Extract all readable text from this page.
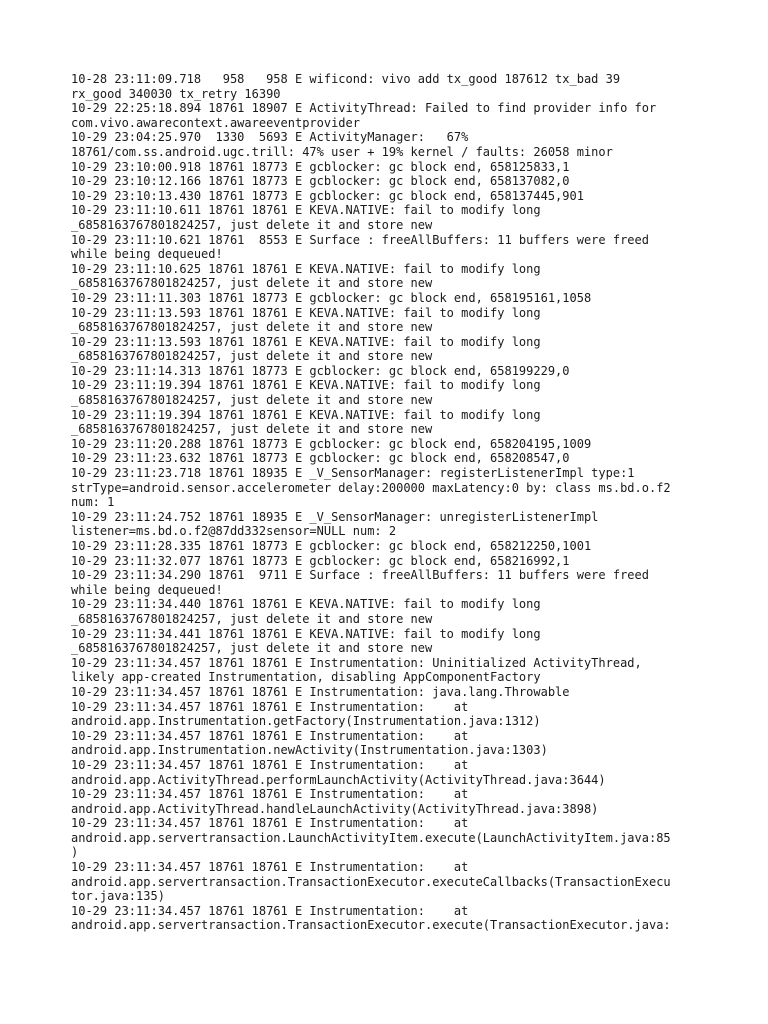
10-28 23:11:09.718   958   958 E wificond: vivo add tx_good 187612 tx_bad 39
rx_good 340030 tx_retry 16390
10-29 22:25:18.894 18761 18907 E ActivityThread: Failed to find provider info for
com.vivo.awarecontext.awareeventprovider
10-29 23:04:25.970  1330  5693 E ActivityManager:   67%
18761/com.ss.android.ugc.trill: 47% user + 19% kernel / faults: 26058 minor
10-29 23:10:00.918 18761 18773 E gcblocker: gc block end, 658125833,1
10-29 23:10:12.166 18761 18773 E gcblocker: gc block end, 658137082,0
10-29 23:10:13.430 18761 18773 E gcblocker: gc block end, 658137445,901
10-29 23:11:10.611 18761 18761 E KEVA.NATIVE: fail to modify long
_6858163767801824257, just delete it and store new
10-29 23:11:10.621 18761  8553 E Surface : freeAllBuffers: 11 buffers were freed
while being dequeued!
10-29 23:11:10.625 18761 18761 E KEVA.NATIVE: fail to modify long
_6858163767801824257, just delete it and store new
10-29 23:11:11.303 18761 18773 E gcblocker: gc block end, 658195161,1058
10-29 23:11:13.593 18761 18761 E KEVA.NATIVE: fail to modify long
_6858163767801824257, just delete it and store new
10-29 23:11:13.593 18761 18761 E KEVA.NATIVE: fail to modify long
_6858163767801824257, just delete it and store new
10-29 23:11:14.313 18761 18773 E gcblocker: gc block end, 658199229,0
10-29 23:11:19.394 18761 18761 E KEVA.NATIVE: fail to modify long
_6858163767801824257, just delete it and store new
10-29 23:11:19.394 18761 18761 E KEVA.NATIVE: fail to modify long
_6858163767801824257, just delete it and store new
10-29 23:11:20.288 18761 18773 E gcblocker: gc block end, 658204195,1009
10-29 23:11:23.632 18761 18773 E gcblocker: gc block end, 658208547,0
10-29 23:11:23.718 18761 18935 E _V_SensorManager: registerListenerImpl type:1
strType=android.sensor.accelerometer delay:200000 maxLatency:0 by: class ms.bd.o.f2
num: 1
10-29 23:11:24.752 18761 18935 E _V_SensorManager: unregisterListenerImpl
listener=ms.bd.o.f2@87dd332sensor=NULL num: 2
10-29 23:11:28.335 18761 18773 E gcblocker: gc block end, 658212250,1001
10-29 23:11:32.077 18761 18773 E gcblocker: gc block end, 658216992,1
10-29 23:11:34.290 18761  9711 E Surface : freeAllBuffers: 11 buffers were freed
while being dequeued!
10-29 23:11:34.440 18761 18761 E KEVA.NATIVE: fail to modify long
_6858163767801824257, just delete it and store new
10-29 23:11:34.441 18761 18761 E KEVA.NATIVE: fail to modify long
_6858163767801824257, just delete it and store new
10-29 23:11:34.457 18761 18761 E Instrumentation: Uninitialized ActivityThread,
likely app-created Instrumentation, disabling AppComponentFactory
10-29 23:11:34.457 18761 18761 E Instrumentation: java.lang.Throwable
10-29 23:11:34.457 18761 18761 E Instrumentation:    at
android.app.Instrumentation.getFactory(Instrumentation.java:1312)
10-29 23:11:34.457 18761 18761 E Instrumentation:    at
android.app.Instrumentation.newActivity(Instrumentation.java:1303)
10-29 23:11:34.457 18761 18761 E Instrumentation:    at
android.app.ActivityThread.performLaunchActivity(ActivityThread.java:3644)
10-29 23:11:34.457 18761 18761 E Instrumentation:    at
android.app.ActivityThread.handleLaunchActivity(ActivityThread.java:3898)
10-29 23:11:34.457 18761 18761 E Instrumentation:    at
android.app.servertransaction.LaunchActivityItem.execute(LaunchActivityItem.java:85
)
10-29 23:11:34.457 18761 18761 E Instrumentation:    at
android.app.servertransaction.TransactionExecutor.executeCallbacks(TransactionExecu
tor.java:135)
10-29 23:11:34.457 18761 18761 E Instrumentation:    at
android.app.servertransaction.TransactionExecutor.execute(TransactionExecutor.java:
